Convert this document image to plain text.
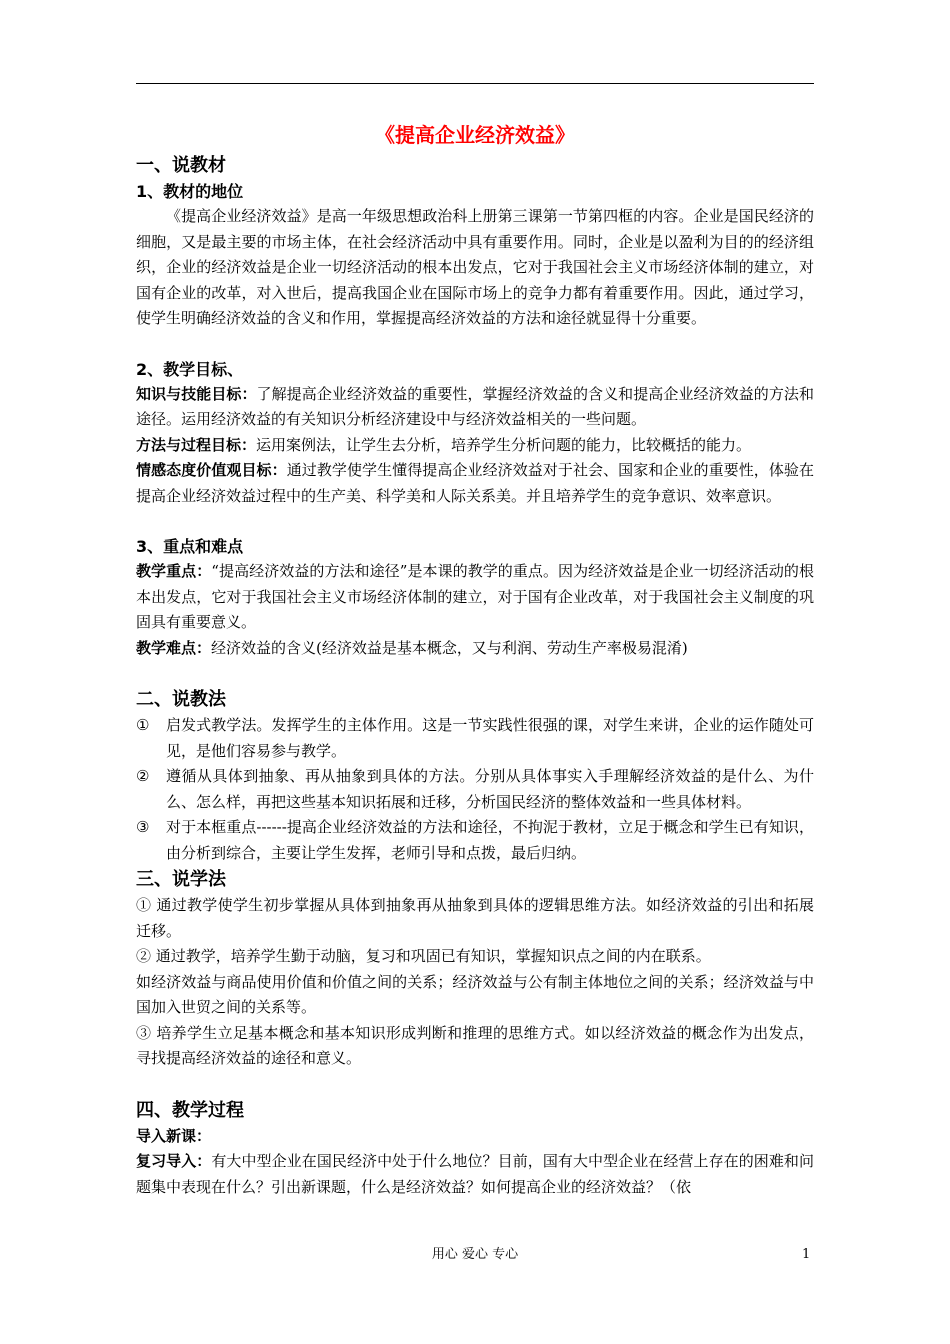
《提高企业经济效益》

一、说教材

1、教材的地位

《提高企业经济效益》是高一年级思想政治科上册第三课第一节第四框的内容。企业是国民经济的细胞，又是最主要的市场主体，在社会经济活动中具有重要作用。同时，企业是以盈利为目的的经济组织，企业的经济效益是企业一切经济活动的根本出发点，它对于我国社会主义市场经济体制的建立，对国有企业的改革，对入世后，提高我国企业在国际市场上的竞争力都有着重要作用。因此，通过学习，使学生明确经济效益的含义和作用，掌握提高经济效益的方法和途径就显得十分重要。

2、教学目标、

知识与技能目标：了解提高企业经济效益的重要性，掌握经济效益的含义和提高企业经济效益的方法和途径。运用经济效益的有关知识分析经济建设中与经济效益相关的一些问题。

方法与过程目标：运用案例法，让学生去分析，培养学生分析问题的能力，比较概括的能力。

情感态度价值观目标：通过教学使学生懂得提高企业经济效益对于社会、国家和企业的重要性，体验在提高企业经济效益过程中的生产美、科学美和人际关系美。并且培养学生的竞争意识、效率意识。

3、重点和难点

教学重点：“提高经济效益的方法和途径”是本课的教学的重点。因为经济效益是企业一切经济活动的根本出发点，它对于我国社会主义市场经济体制的建立，对于国有企业改革，对于我国社会主义制度的巩固具有重要意义。

教学难点：经济效益的含义(经济效益是基本概念，又与利润、劳动生产率极易混淆)

二、说教法

①	启发式教学法。发挥学生的主体作用。这是一节实践性很强的课，对学生来讲，企业的运作随处可见，是他们容易参与教学。
②	遵循从具体到抽象、再从抽象到具体的方法。分别从具体事实入手理解经济效益的是什么、为什么、怎么样，再把这些基本知识拓展和迁移，分析国民经济的整体效益和一些具体材料。
③	对于本框重点------提高企业经济效益的方法和途径，不拘泥于教材，立足于概念和学生已有知识，由分析到综合，主要让学生发挥，老师引导和点拨，最后归纳。

三、说学法

① 通过教学使学生初步掌握从具体到抽象再从抽象到具体的逻辑思维方法。如经济效益的引出和拓展迁移。

② 通过教学，培养学生勤于动脑，复习和巩固已有知识，掌握知识点之间的内在联系。

如经济效益与商品使用价值和价值之间的关系；经济效益与公有制主体地位之间的关系；经济效益与中国加入世贸之间的关系等。

③ 培养学生立足基本概念和基本知识形成判断和推理的思维方式。如以经济效益的概念作为出发点，寻找提高经济效益的途径和意义。

四、教学过程

导入新课：

复习导入：有大中型企业在国民经济中处于什么地位？目前，国有大中型企业在经营上存在的困难和问题集中表现在什么？引出新课题，什么是经济效益？如何提高企业的经济效益？（依

用心 爱心 专心	1
